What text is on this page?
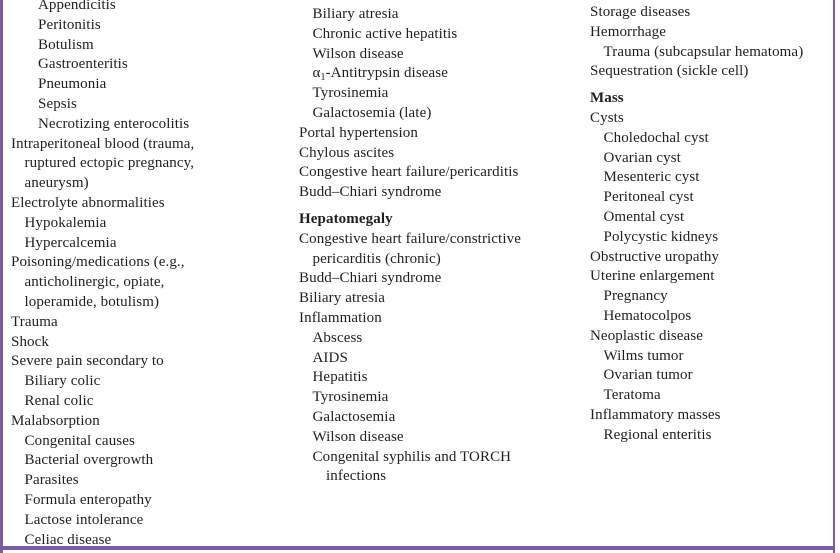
Appendicitis
Peritonitis
Botulism
Gastroenteritis
Pneumonia
Sepsis
Necrotizing enterocolitis
Intraperitoneal blood (trauma,
ruptured ectopic pregnancy,
aneurysm)
Electrolyte abnormalities
Hypokalemia
Hypercalcemia
Poisoning/medications (e.g.,
anticholinergic, opiate,
loperamide, botulism)
Trauma
Shock
Severe pain secondary to
Biliary colic
Renal colic
Malabsorption
Congenital causes
Bacterial overgrowth
Parasites
Formula enteropathy
Lactose intolerance
Celiac disease
Biliary atresia
Chronic active hepatitis
Wilson disease
$\alpha_1$-Antitrypsin disease
Tyrosinemia
Galactosemia (late)
Portal hypertension
Chylous ascites
Congestive heart failure/pericarditis
Budd–Chiari syndrome
Hepatomegaly
Congestive heart failure/constrictive
pericarditis (chronic)
Budd–Chiari syndrome
Biliary atresia
Inflammation
Abscess
AIDS
Hepatitis
Tyrosinemia
Galactosemia
Wilson disease
Congenital syphilis and TORCH
infections
Storage diseases
Hemorrhage
Trauma (subcapsular hematoma)
Sequestration (sickle cell)
Mass
Cysts
Choledochal cyst
Ovarian cyst
Mesenteric cyst
Peritoneal cyst
Omental cyst
Polycystic kidneys
Obstructive uropathy
Uterine enlargement
Pregnancy
Hematocolpos
Neoplastic disease
Wilms tumor
Ovarian tumor
Teratoma
Inflammatory masses
Regional enteritis
